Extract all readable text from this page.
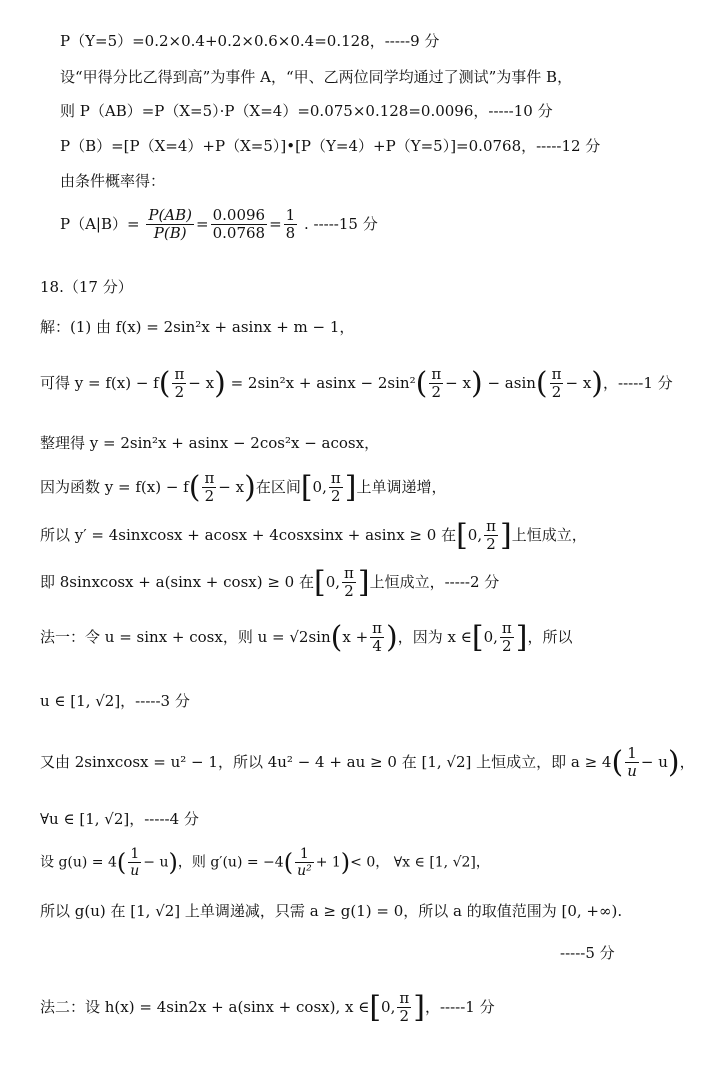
P（Y=5）=0.2×0.4+0.2×0.6×0.4=0.128，-----9 分
设“甲得分比乙得到高”为事件 A，“甲、乙两位同学均通过了测试”为事件 B，
则 P（AB）=P（X=5）·P（X=4）=0.075×0.128=0.0096，-----10 分
P（B）=[P（X=4）+P（X=5）]•[P（Y=4）+P（Y=5）]=0.0768，-----12 分
由条件概率得：
$P(A|B)= \frac{P(AB)}{P(B)} = \frac{0.0096}{0.0768} = \frac{1}{8}$ . -----15 分
18.（17 分）
解：(1) 由 f(x) = 2sin²x + asinx + m − 1，
可得 $y = f(x) - f( \frac{\pi}{2} - x) = 2\sin^2x + asinx - 2\sin^2( \frac{\pi}{2} - x) - asin( \frac{\pi}{2} - x)$，-----1 分
整理得 y = 2sin²x + asinx − 2cos²x − acosx，
因为函数 $y = f(x) - f( \frac{\pi}{2} - x)$在区间[0, $\frac{\pi}{2}$ ]上单调递增，
所以 y′ = 4sinxcosx + acosx + 4cosxsinx + asinx ≥ 0 在[0, $\frac{\pi}{2}$ ]上恒成立，
即 8sinxcosx + a(sinx + cosx) ≥ 0 在[0, $\frac{\pi}{2}$ ]上恒成立，-----2 分
法一：令 u = sinx + cosx，则 $u = √2\sin(x + \frac{\pi}{4}$ )，因为 x ∈[0, $\frac{\pi}{2}$ ]，所以
u ∈ [1, √2]，-----3 分
又由 2sinxcosx = u² − 1，所以 4u² − 4 + au ≥ 0 在 [1, √2] 上恒成立，即 $a \ge 4( \frac{1}{u} - u)$，
∀u ∈ [1, √2]，-----4 分
设 $g(u) = 4( \frac{1}{u} - u)$，则 $g'(u) = -4( \frac{1}{\text{u²}} + 1)< 0$， ∀x ∈ [1, √2]，
所以 g(u) 在 [1, √2] 上单调递减，只需 a ≥ g(1) = 0，所以 a 的取值范围为 [0, +∞).
-----5 分
法二：设 h(x) = 4sin2x + a(sinx + cosx), x ∈[0, $\frac{\pi}{2}$ ]，-----1 分
